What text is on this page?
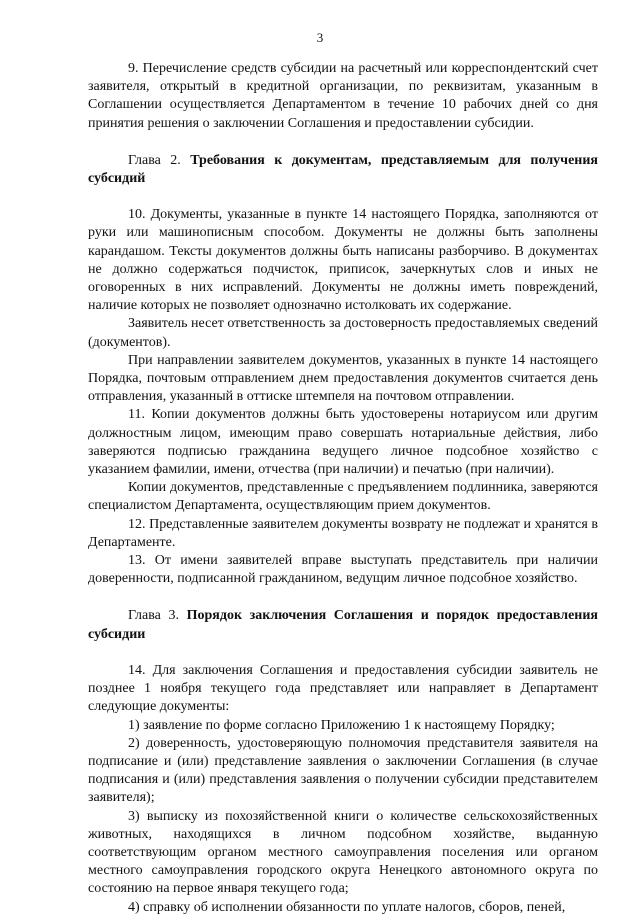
3

9. Перечисление средств субсидии на расчетный или корреспондентский счет заявителя, открытый в кредитной организации, по реквизитам, указанным в Соглашении осуществляется Департаментом в течение 10 рабочих дней со дня принятия решения о заключении Соглашения и предоставлении субсидии.

Глава 2. Требования к документам, представляемым для получения субсидий

10. Документы, указанные в пункте 14 настоящего Порядка, заполняются от руки или машинописным способом. Документы не должны быть заполнены карандашом. Тексты документов должны быть написаны разборчиво. В документах не должно содержаться подчисток, приписок, зачеркнутых слов и иных не оговоренных в них исправлений. Документы не должны иметь повреждений, наличие которых не позволяет однозначно истолковать их содержание.

Заявитель несет ответственность за достоверность предоставляемых сведений (документов).

При направлении заявителем документов, указанных в пункте 14 настоящего Порядка, почтовым отправлением днем предоставления документов считается день отправления, указанный в оттиске штемпеля на почтовом отправлении.

11. Копии документов должны быть удостоверены нотариусом или другим должностным лицом, имеющим право совершать нотариальные действия, либо заверяются подписью гражданина ведущего личное подсобное хозяйство с указанием фамилии, имени, отчества (при наличии) и печатью (при наличии).

Копии документов, представленные с предъявлением подлинника, заверяются специалистом Департамента, осуществляющим прием документов.

12. Представленные заявителем документы возврату не подлежат и хранятся в Департаменте.

13. От имени заявителей вправе выступать представитель при наличии доверенности, подписанной гражданином, ведущим личное подсобное хозяйство.

Глава 3. Порядок заключения Соглашения и порядок предоставления субсидии

14. Для заключения Соглашения и предоставления субсидии заявитель не позднее 1 ноября текущего года представляет или направляет в Департамент следующие документы:

1) заявление по форме согласно Приложению 1 к настоящему Порядку;

2) доверенность, удостоверяющую полномочия представителя заявителя на подписание и (или) представление заявления о заключении Соглашения (в случае подписания и (или) представления заявления о получении субсидии представителем заявителя);

3) выписку из похозяйственной книги о количестве сельскохозяйственных животных, находящихся в личном подсобном хозяйстве, выданную соответствующим органом местного самоуправления поселения или органом местного самоуправления городского округа Ненецкого автономного округа по состоянию на первое января текущего года;

4) справку об исполнении обязанности по уплате налогов, сборов, пеней,
